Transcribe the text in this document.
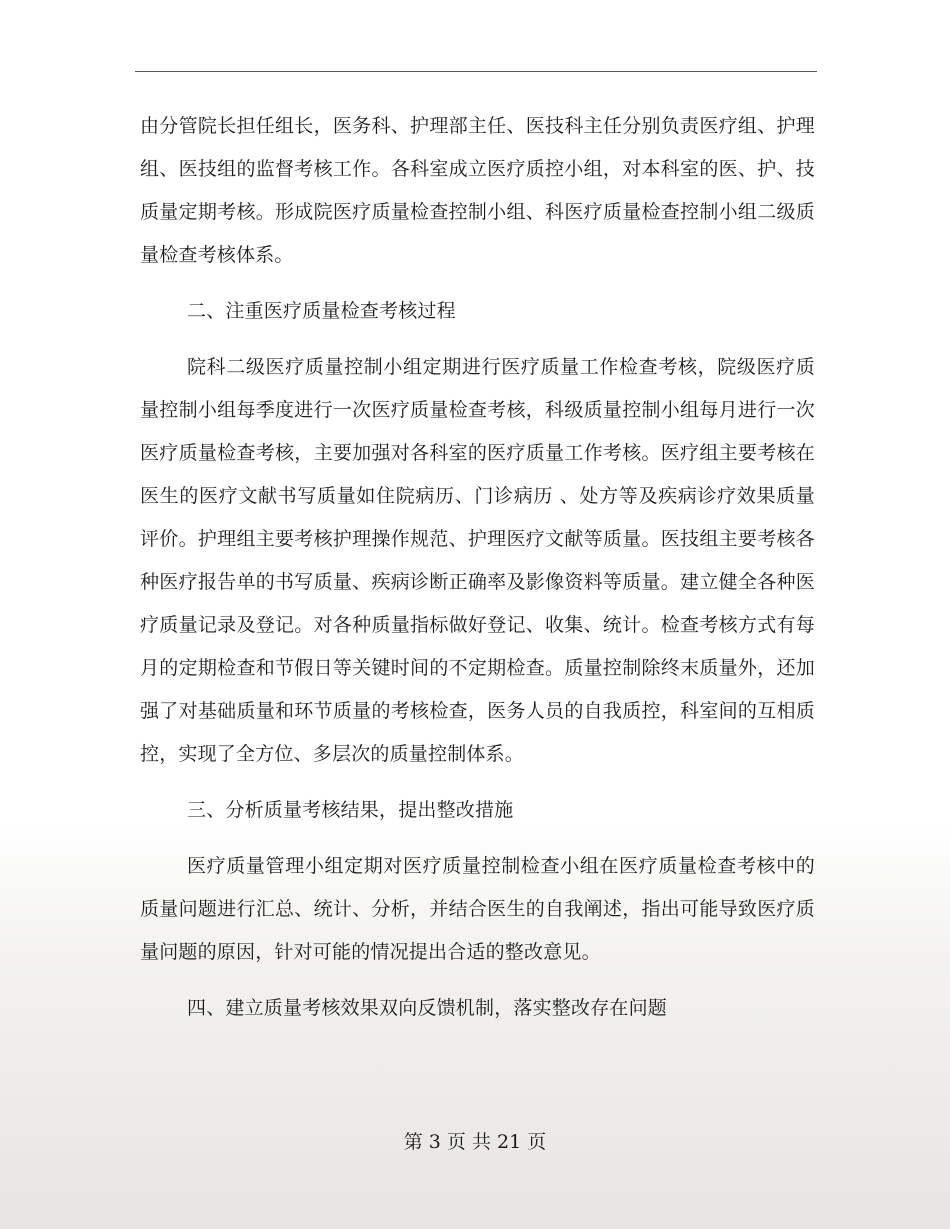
由分管院长担任组长，医务科、护理部主任、医技科主任分别负责医疗组、护理组、医技组的监督考核工作。各科室成立医疗质控小组，对本科室的医、护、技质量定期考核。形成院医疗质量检查控制小组、科医疗质量检查控制小组二级质量检查考核体系。

二、注重医疗质量检查考核过程

院科二级医疗质量控制小组定期进行医疗质量工作检查考核，院级医疗质量控制小组每季度进行一次医疗质量检查考核，科级质量控制小组每月进行一次医疗质量检查考核，主要加强对各科室的医疗质量工作考核。医疗组主要考核在医生的医疗文献书写质量如住院病历、门诊病历 、处方等及疾病诊疗效果质量评价。护理组主要考核护理操作规范、护理医疗文献等质量。医技组主要考核各种医疗报告单的书写质量、疾病诊断正确率及影像资料等质量。建立健全各种医疗质量记录及登记。对各种质量指标做好登记、收集、统计。检查考核方式有每月的定期检查和节假日等关键时间的不定期检查。质量控制除终末质量外，还加强了对基础质量和环节质量的考核检查，医务人员的自我质控，科室间的互相质控，实现了全方位、多层次的质量控制体系。

三、分析质量考核结果，提出整改措施

医疗质量管理小组定期对医疗质量控制检查小组在医疗质量检查考核中的质量问题进行汇总、统计、分析，并结合医生的自我阐述，指出可能导致医疗质量问题的原因，针对可能的情况提出合适的整改意见。

四、建立质量考核效果双向反馈机制，落实整改存在问题

第 3 页 共 21 页
